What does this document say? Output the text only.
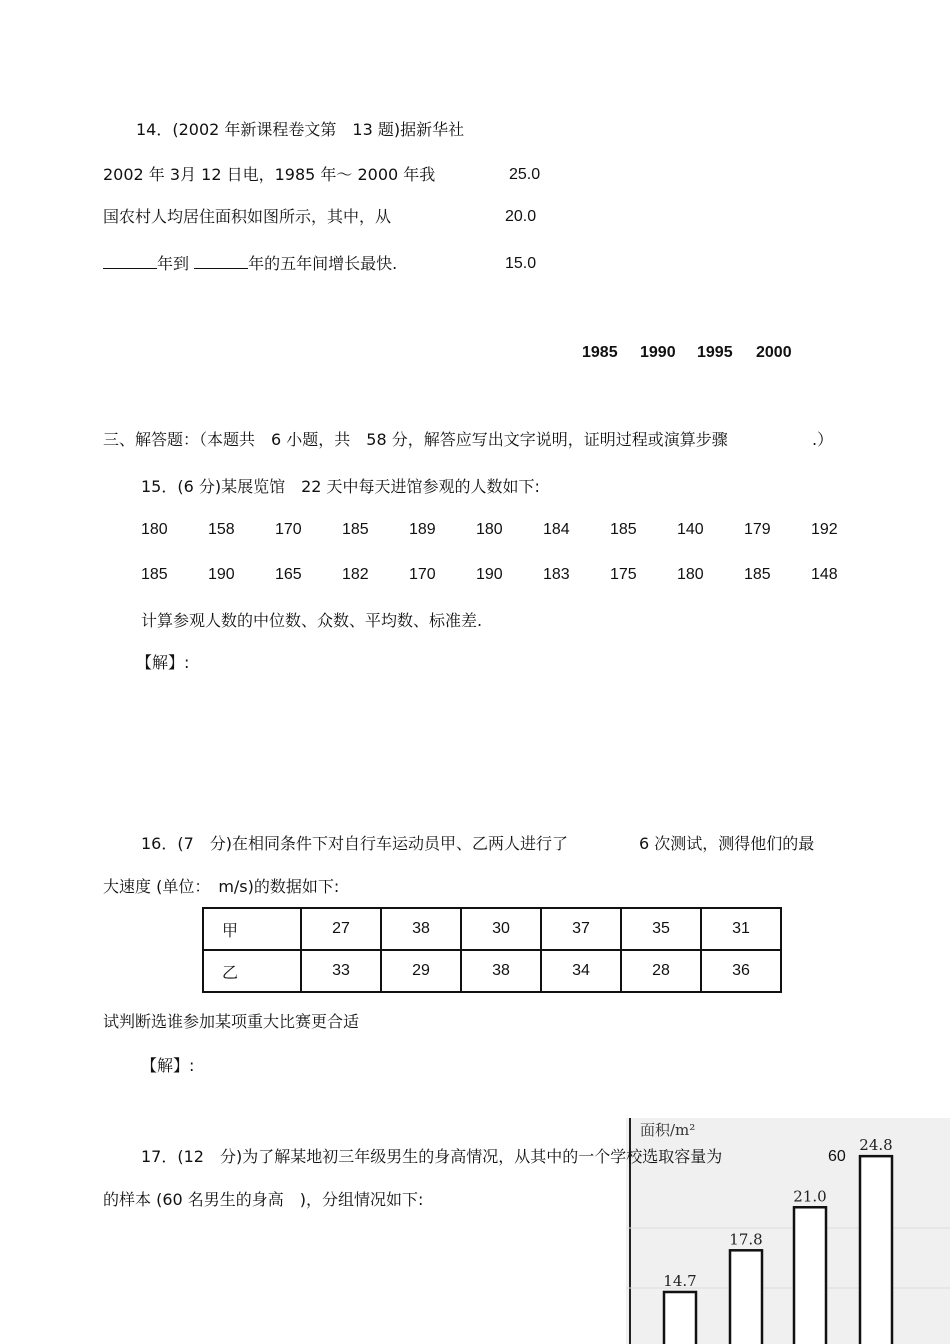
14．(2002 年新课程卷文第　13 题)据新华社
2002 年 3月 12 日电，1985 年～ 2000 年我
国农村人均居住面积如图所示，其中，从
年到	年的五年间增长最快.
25.0
20.0
15.0
1985 1990 1995 2000
三、解答题：（本题共　6 小题，共　58 分，解答应写出文字说明，证明过程或演算步骤	.）
15．(6 分)某展览馆　22 天中每天进馆参观的人数如下:
180	158	170	185	189	180	184	185	140	179	192
185	190	165	182	170	190	183	175	180	185	148
计算参观人数的中位数、众数、平均数、标准差.
【解】:
16．(7　分)在相同条件下对自行车运动员甲、乙两人进行了	6 次测试，测得他们的最
大速度 (单位：　m/s)的数据如下:
甲	27	38	30	37	35	31
乙	33	29	38	34	28	36
试判断选谁参加某项重大比赛更合适
【解】:
面积/m²
14.7
17.8
21.0
24.8
17．(12　分)为了解某地初三年级男生的身高情况，从其中的一个学校选取容量为	60
的样本 (60 名男生的身高　)，分组情况如下:
